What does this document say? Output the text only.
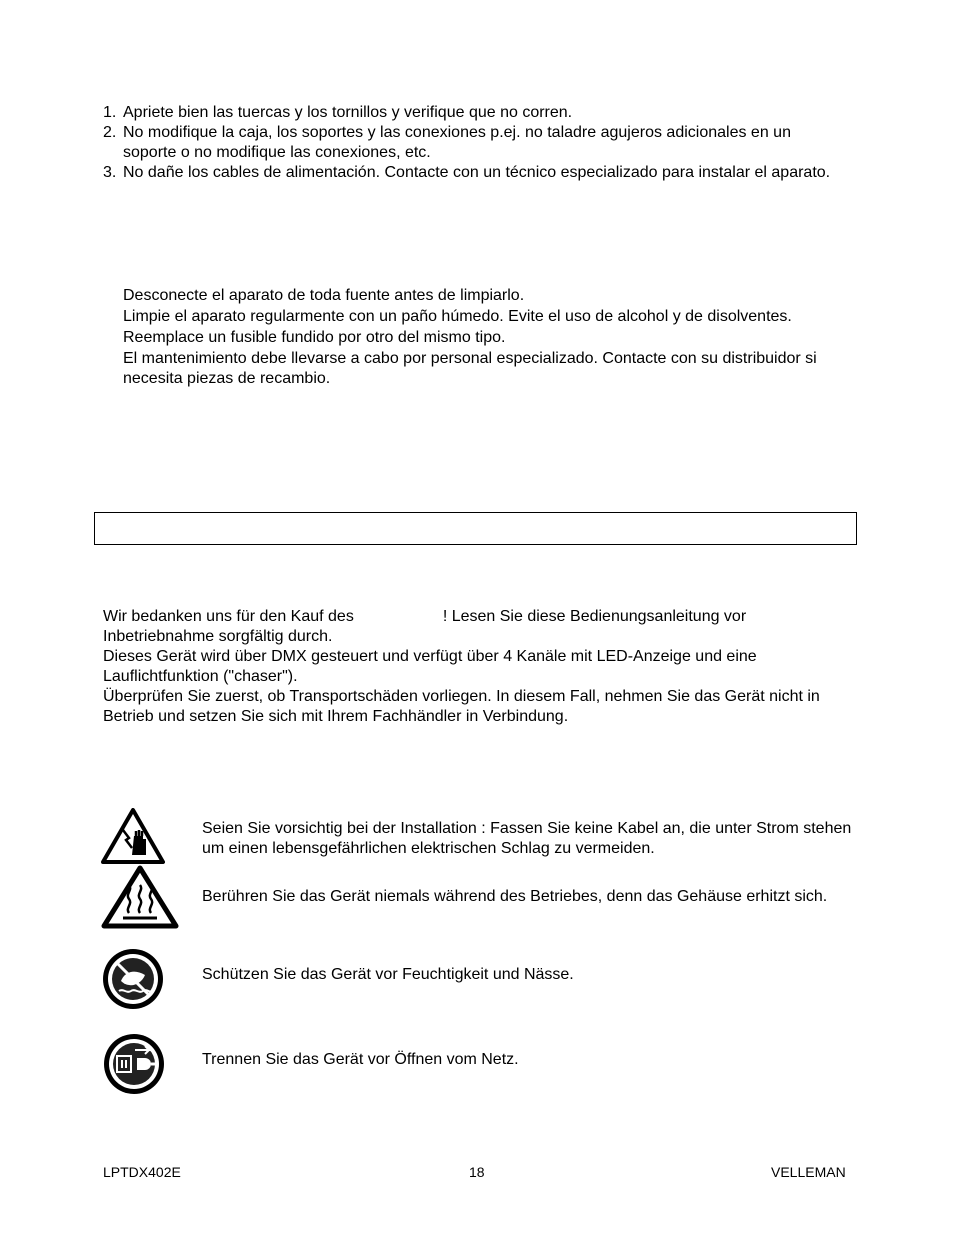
1. Apriete bien las tuercas y los tornillos y verifique que no corren.
2. No modifique la caja, los soportes y las conexiones p.ej. no taladre agujeros adicionales en un soporte o no modifique las conexiones, etc.
3. No dañe los cables de alimentación. Contacte con un técnico especializado para instalar el aparato.
Desconecte el aparato de toda fuente antes de limpiarlo.
Limpie el aparato regularmente con un paño húmedo. Evite el uso de alcohol y de disolventes.
Reemplace un fusible fundido por otro del mismo tipo.
El mantenimiento debe llevarse a cabo por personal especializado. Contacte con su distribuidor si necesita piezas de recambio.

Wir bedanken uns für den Kauf des	! Lesen Sie diese Bedienungsanleitung vor Inbetriebnahme sorgfältig durch.

Dieses Gerät wird über DMX gesteuert und verfügt über 4 Kanäle mit LED-Anzeige und eine Lauflichtfunktion ("chaser").

Überprüfen Sie zuerst, ob Transportschäden vorliegen. In diesem Fall, nehmen Sie das Gerät nicht in Betrieb und setzen Sie sich mit Ihrem Fachhändler in Verbindung.

Seien Sie vorsichtig bei der Installation : Fassen Sie keine Kabel an, die unter Strom stehen um einen lebensgefährlichen elektrischen Schlag zu vermeiden.
Berühren Sie das Gerät niemals während des Betriebes, denn das Gehäuse erhitzt sich.
Schützen Sie das Gerät vor Feuchtigkeit und Nässe.
Trennen Sie das Gerät vor Öffnen vom Netz.
LPTDX402E	18	VELLEMAN
